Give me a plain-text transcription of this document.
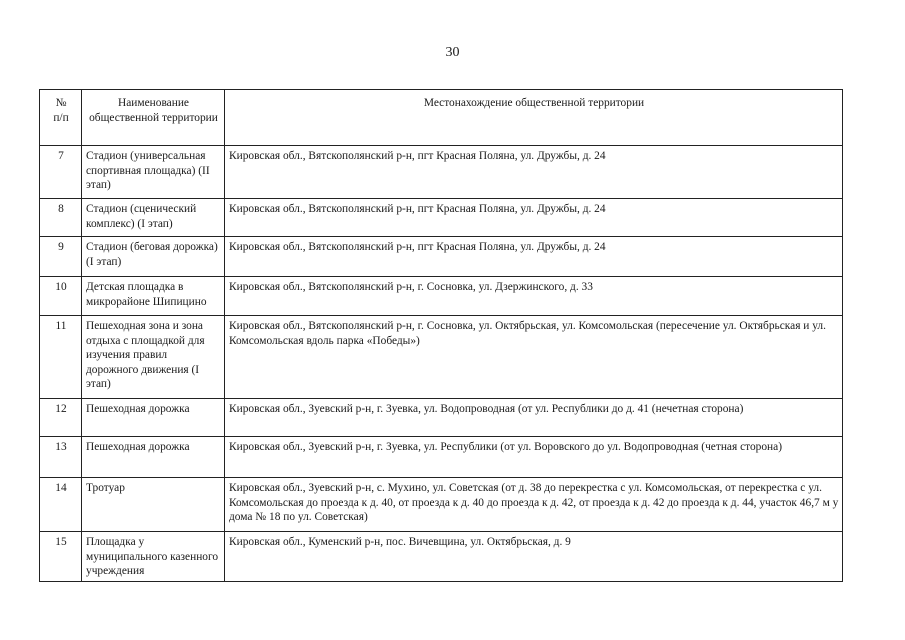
30
№
п/п	Наименование общественной территории	Местонахождение общественной территории
7	Стадион (универсальная спортивная площадка) (II этап)	Кировская обл., Вятскополянский р-н, пгт Красная Поляна, ул. Дружбы, д. 24
8	Стадион (сценический комплекс) (I этап)	Кировская обл., Вятскополянский р-н, пгт Красная Поляна, ул. Дружбы, д. 24
9	Стадион (беговая дорожка) (I этап)	Кировская обл., Вятскополянский р-н, пгт Красная Поляна, ул. Дружбы, д. 24
10	Детская площадка в микрорайоне Шипицино	Кировская обл., Вятскополянский р-н, г. Сосновка, ул. Дзержинского, д. 33
11	Пешеходная зона и зона отдыха с площадкой для изучения правил дорожного движения (I этап)	Кировская обл., Вятскополянский р-н, г. Сосновка, ул. Октябрьская, ул. Комсомольская (пересечение ул. Октябрьская и ул. Комсомольская вдоль парка «Победы»)
12	Пешеходная дорожка	Кировская обл., Зуевский р-н, г. Зуевка, ул. Водопроводная (от ул. Республики до д. 41 (нечетная сторона)
13	Пешеходная дорожка	Кировская обл., Зуевский р-н, г. Зуевка, ул. Республики (от ул. Воровского до ул. Водопроводная (четная сторона)
14	Тротуар	Кировская обл., Зуевский р-н, с. Мухино, ул. Советская (от д. 38 до перекрестка с ул. Комсомольская, от перекрестка с ул. Комсомольская до проезда к д. 40, от проезда к д. 40 до проезда к д. 42, от проезда к д. 42 до проезда к д. 44, участок 46,7 м у дома № 18 по ул. Советская)
15	Площадка у муниципального казенного учреждения	Кировская обл., Куменский р-н, пос. Вичевщина, ул. Октябрьская, д. 9
